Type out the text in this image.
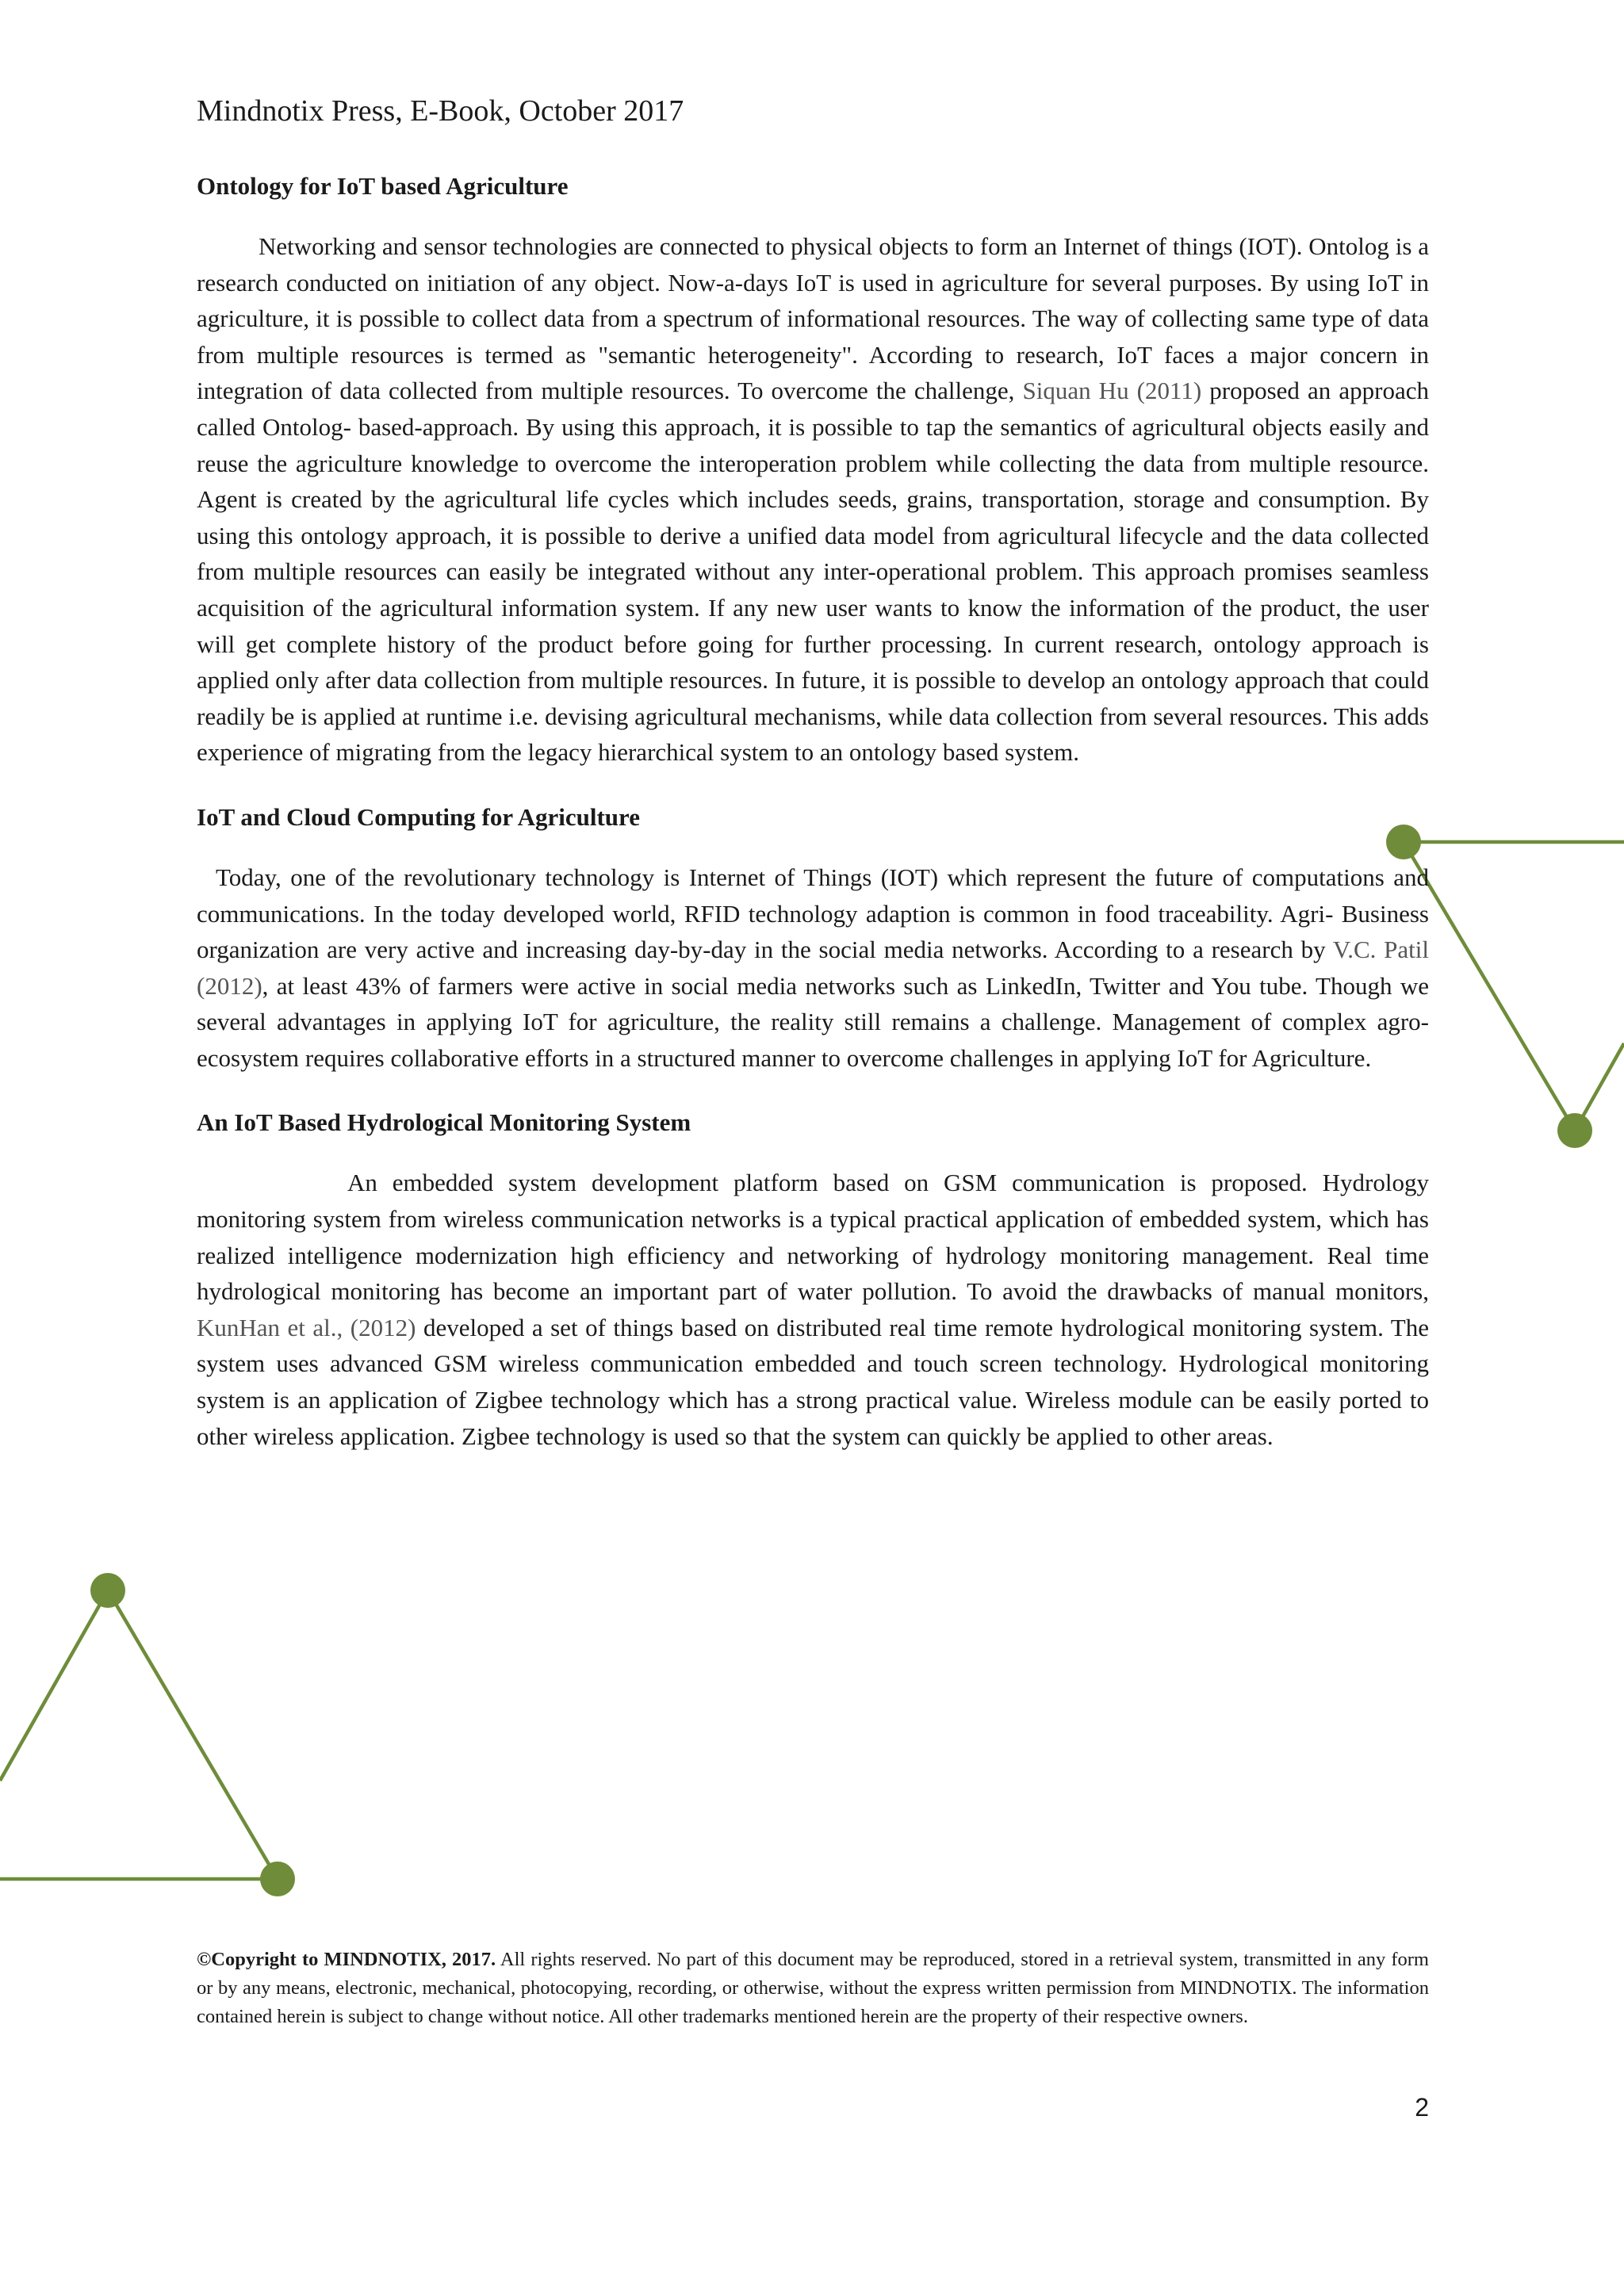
Mindnotix Press, E-Book, October 2017
Ontology for IoT based Agriculture

Networking and sensor technologies are connected to physical objects to form an Internet of things (IOT). Ontolog is a research conducted on initiation of any object. Now-a-days IoT is used in agriculture for several purposes. By using IoT in agriculture, it is possible to collect data from a spectrum of informational resources. The way of collecting same type of data from multiple resources is termed as "semantic heterogeneity". According to research, IoT faces a major concern in integration of data collected from multiple resources. To overcome the challenge, Siquan Hu (2011) proposed an approach called Ontolog- based-approach. By using this approach, it is possible to tap the semantics of agricultural objects easily and reuse the agriculture knowledge to overcome the interoperation problem while collecting the data from multiple resource. Agent is created by the agricultural life cycles which includes seeds, grains, transportation, storage and consumption. By using this ontology approach, it is possible to derive a unified data model from agricultural lifecycle and the data collected from multiple resources can easily be integrated without any inter-operational problem. This approach promises seamless acquisition of the agricultural information system. If any new user wants to know the information of the product, the user will get complete history of the product before going for further processing. In current research, ontology approach is applied only after data collection from multiple resources. In future, it is possible to develop an ontology approach that could readily be is applied at runtime i.e. devising agricultural mechanisms, while data collection from several resources. This adds experience of migrating from the legacy hierarchical system to an ontology based system.

IoT and Cloud Computing for Agriculture

Today, one of the revolutionary technology is Internet of Things (IOT) which represent the future of computations and communications. In the today developed world, RFID technology adaption is common in food traceability. Agri- Business organization are very active and increasing day-by-day in the social media networks. According to a research by V.C. Patil (2012), at least 43% of farmers were active in social media networks such as LinkedIn, Twitter and You tube. Though we several advantages in applying IoT for agriculture, the reality still remains a challenge. Management of complex agro-ecosystem requires collaborative efforts in a structured manner to overcome challenges in applying IoT for Agriculture.

An IoT Based Hydrological Monitoring System

An embedded system development platform based on GSM communication is proposed. Hydrology monitoring system from wireless communication networks is a typical practical application of embedded system, which has realized intelligence modernization high efficiency and networking of hydrology monitoring management. Real time hydrological monitoring has become an important part of water pollution. To avoid the drawbacks of manual monitors, KunHan et al., (2012) developed a set of things based on distributed real time remote hydrological monitoring system. The system uses advanced GSM wireless communication embedded and touch screen technology. Hydrological monitoring system is an application of Zigbee technology which has a strong practical value. Wireless module can be easily ported to other wireless application. Zigbee technology is used so that the system can quickly be applied to other areas.

©Copyright to MINDNOTIX, 2017. All rights reserved. No part of this document may be reproduced, stored in a retrieval system, transmitted in any form or by any means, electronic, mechanical, photocopying, recording, or otherwise, without the express written permission from MINDNOTIX. The information contained herein is subject to change without notice. All other trademarks mentioned herein are the property of their respective owners.
2
